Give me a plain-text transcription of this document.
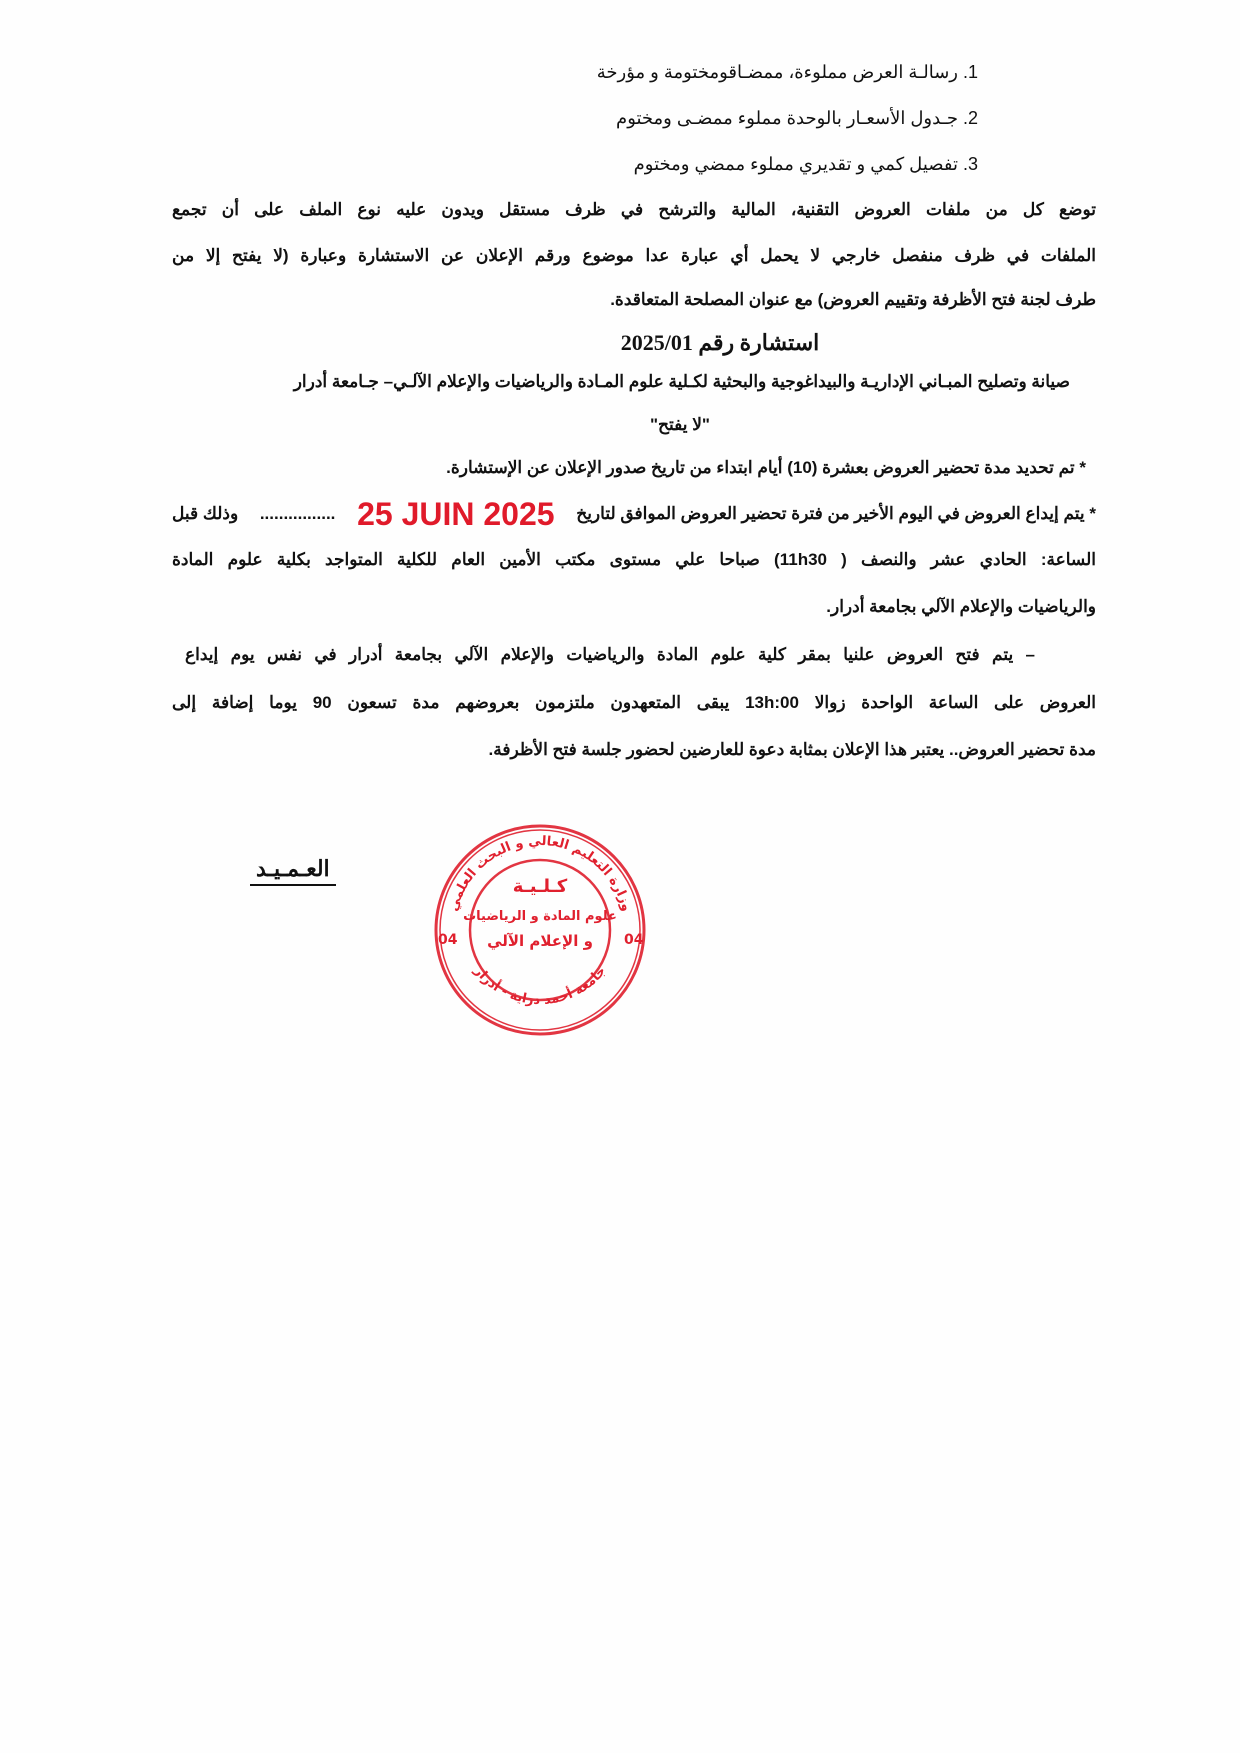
1. رسالـة العرض مملوءة، ممضـاقومختومة و مؤرخة
2. جـدول الأسعـار بالوحدة مملوء ممضـى ومختوم
3. تفصيل كمي و تقديري مملوء ممضي ومختوم
توضع كل من ملفات العروض التقنية، المالية والترشح في ظرف مستقل ويدون عليه نوع الملف على أن تجمع
الملفات في ظرف منفصل خارجي لا يحمل أي عبارة عدا موضوع ورقم الإعلان عن الاستشارة وعبارة (لا يفتح إلا من
طرف لجنة فتح الأظرفة وتقييم العروض) مع عنوان المصلحة المتعاقدة.
استشارة رقم 2025/01
صيانة وتصليح المبـاني الإداريـة والبيداغوجية والبحثية لكـلية علوم المـادة والرياضيات والإعلام الآلـي– جـامعة أدرار
"لا يفتح"
* تم تحديد مدة تحضير العروض بعشرة (10) أيام ابتداء من تاريخ صدور الإعلان عن الإستشارة.
* يتم إيداع العروض في اليوم الأخير من فترة تحضير العروض الموافق لتاريخ
25 JUIN 2025
................
وذلك قبل
الساعة: الحادي عشر والنصف ( 11h30) صباحا علي مستوى مكتب الأمين العام للكلية المتواجد بكلية علوم المادة
والرياضيات والإعلام الآلي بجامعة أدرار.
– يتم فتح العروض علنيا بمقر كلية علوم المادة والرياضيات والإعلام الآلي بجامعة أدرار في نفس يوم إيداع
العروض على الساعة الواحدة زوالا 13h:00 يبقى المتعهدون ملتزمون بعروضهم مدة تسعون 90 يوما إضافة إلى
مدة تحضير العروض.. يعتبر هذا الإعلان بمثابة دعوة للعارضين لحضور جلسة فتح الأظرفة.
العـمـيـد
وزارة التعليم العالي و البحث العلمي
جامعة أحمد دراية - أدرار
كـلـيـة
علوم المادة و الرياضيات
و الإعلام الآلي
04	04
